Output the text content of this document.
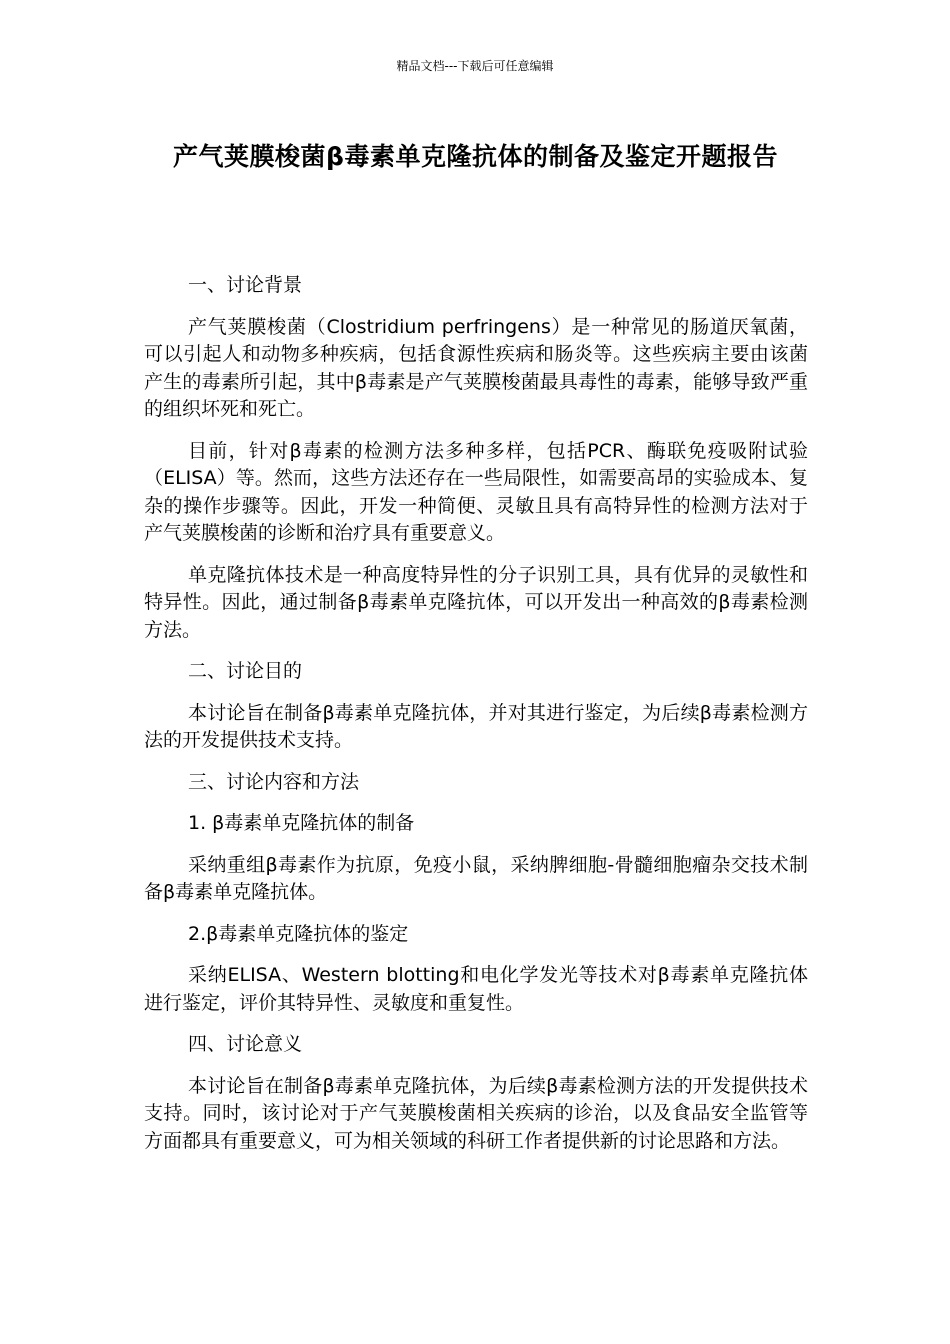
精品文档---下载后可任意编辑
产气荚膜梭菌β毒素单克隆抗体的制备及鉴定开题报告

一、讨论背景

产气荚膜梭菌（Clostridium perfringens）是一种常见的肠道厌氧菌，可以引起人和动物多种疾病，包括食源性疾病和肠炎等。这些疾病主要由该菌产生的毒素所引起，其中β毒素是产气荚膜梭菌最具毒性的毒素，能够导致严重的组织坏死和死亡。

目前，针对β毒素的检测方法多种多样，包括PCR、酶联免疫吸附试验（ELISA）等。然而，这些方法还存在一些局限性，如需要高昂的实验成本、复杂的操作步骤等。因此，开发一种简便、灵敏且具有高特异性的检测方法对于产气荚膜梭菌的诊断和治疗具有重要意义。

单克隆抗体技术是一种高度特异性的分子识别工具，具有优异的灵敏性和特异性。因此，通过制备β毒素单克隆抗体，可以开发出一种高效的β毒素检测方法。

二、讨论目的

本讨论旨在制备β毒素单克隆抗体，并对其进行鉴定，为后续β毒素检测方法的开发提供技术支持。

三、讨论内容和方法

1. β毒素单克隆抗体的制备

采纳重组β毒素作为抗原，免疫小鼠，采纳脾细胞-骨髓细胞瘤杂交技术制备β毒素单克隆抗体。

2.β毒素单克隆抗体的鉴定

采纳ELISA、Western blotting和电化学发光等技术对β毒素单克隆抗体进行鉴定，评价其特异性、灵敏度和重复性。

四、讨论意义

本讨论旨在制备β毒素单克隆抗体，为后续β毒素检测方法的开发提供技术支持。同时，该讨论对于产气荚膜梭菌相关疾病的诊治，以及食品安全监管等方面都具有重要意义，可为相关领域的科研工作者提供新的讨论思路和方法。
